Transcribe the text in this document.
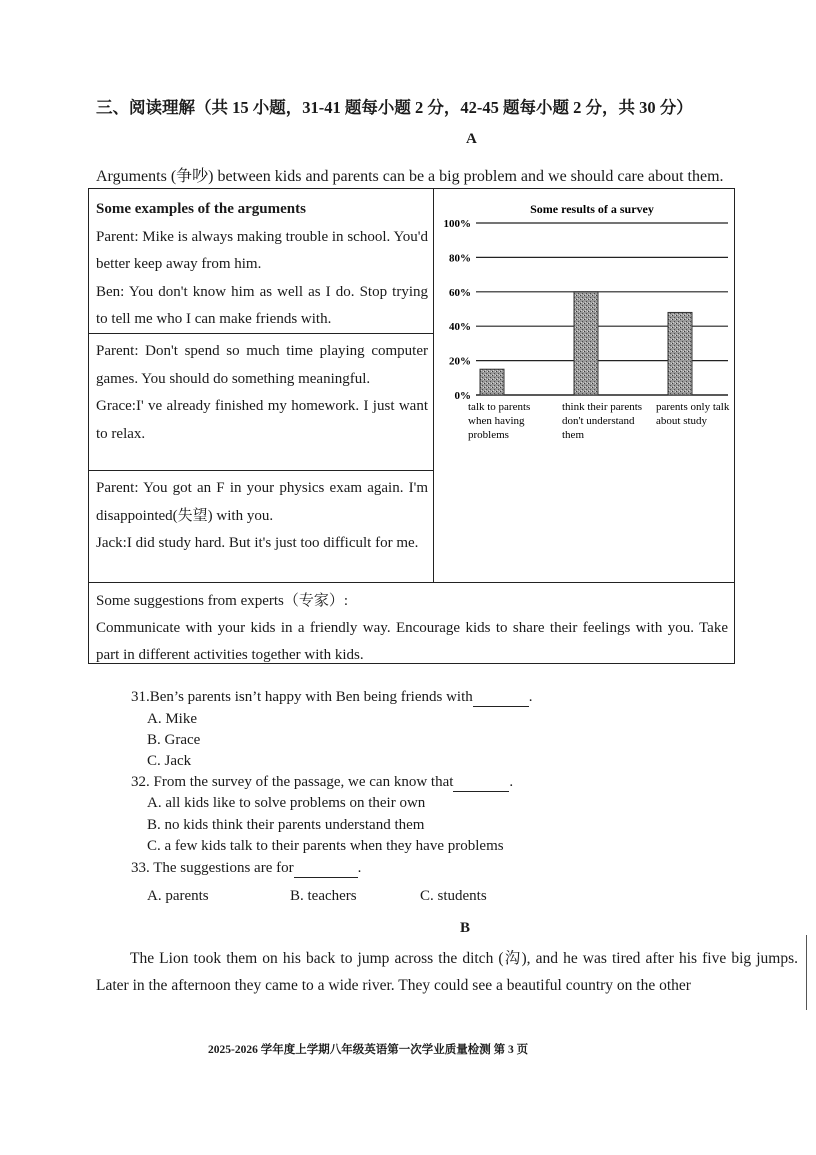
三、阅读理解（共 15 小题，31-41 题每小题 2 分，42-45 题每小题 2 分，共 30 分）
A
Arguments (争吵) between kids and parents can be a big problem and we should care about them.

Some examples of the arguments

Parent: Mike is always making trouble in school. You'd better keep away from him.

Ben: You don't know him as well as I do. Stop trying to tell me who I can make friends with.

Parent: Don't spend so much time playing computer games. You should do something meaningful.

Grace:I' ve already finished my homework. I just want to relax.

Parent: You got an F in your physics exam again. I'm disappointed(失望) with you.

Jack:I did study hard. But it's just too difficult for me.

Some suggestions from experts（专家）:
Communicate with your kids in a friendly way. Encourage kids to share their feelings with you. Take part in different activities together with kids.
Some results of a survey
0%
20%
40%
60%
80%
100%
talk to parents when having problems
think their parents don't understand them
parents only talk about study
31.Ben’s parents isn’t happy with Ben being friends with	.
A. Mike
B. Grace
C. Jack
32. From the survey of the passage, we can know that	.
A. all kids like to solve problems on their own
B. no kids think their parents understand them
C. a few kids talk to their parents when they have problems
33. The suggestions are for	.
A. parents	B. teachers	C. students
B
The Lion took them on his back to jump across the ditch (沟), and he was tired after his five big jumps. Later in the afternoon they came to a wide river. They could see a beautiful country on the other
2025-2026 学年度上学期八年级英语第一次学业质量检测 第 3 页
